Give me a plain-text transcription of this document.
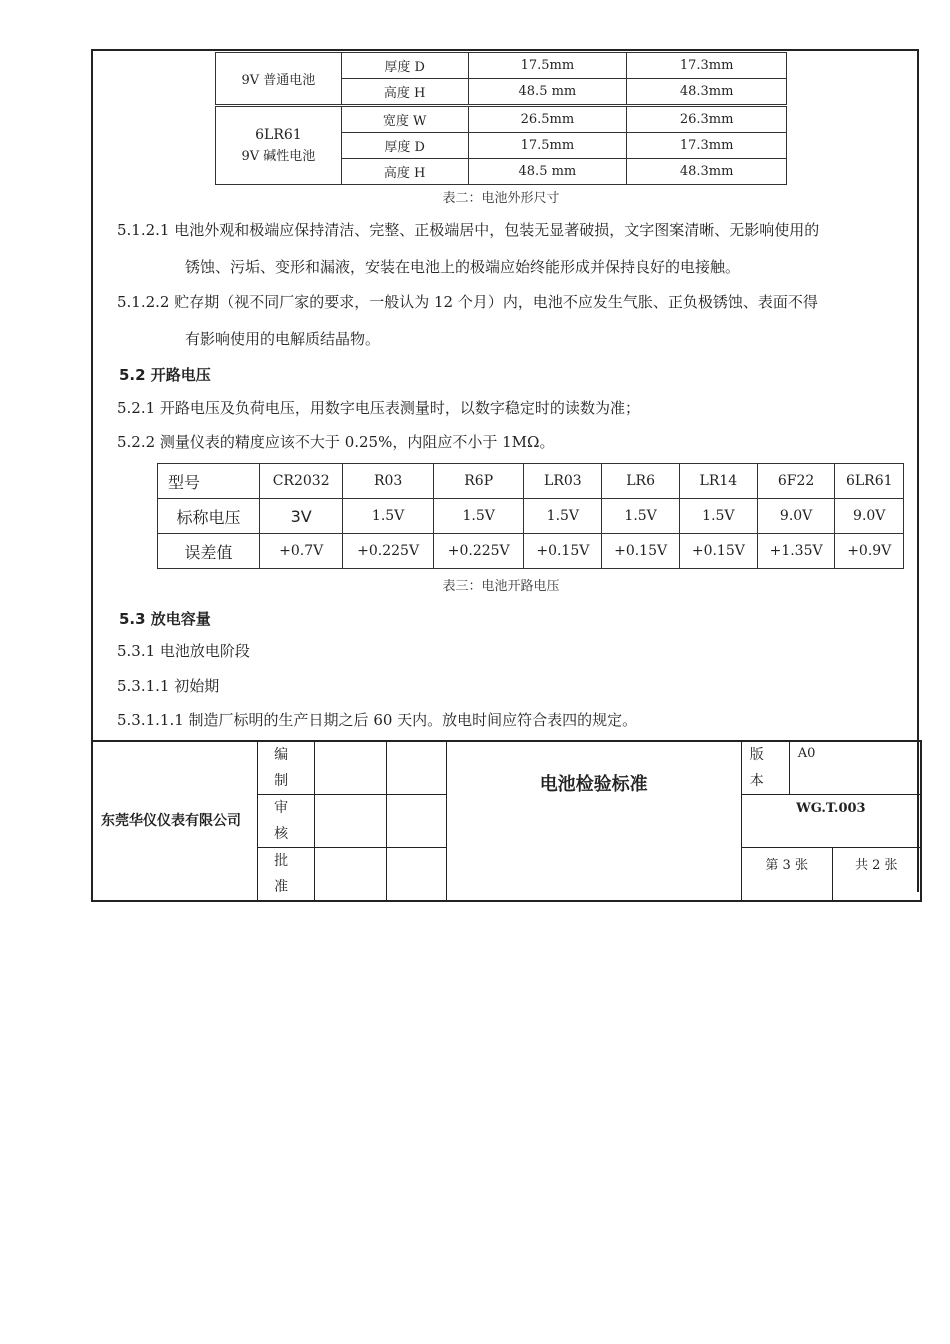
9V 普通电池	厚度 D	17.5mm	17.3mm
	高度 H	48.5 mm	48.3mm

6LR61
9V 碱性电池	宽度 W	26.5mm	26.3mm
	厚度 D	17.5mm	17.3mm
	高度 H	48.5 mm	48.3mm
表二：电池外形尺寸
5.1.2.1 电池外观和极端应保持清洁、完整、正极端居中，包装无显著破损，文字图案清晰、无影响使用的
锈蚀、污垢、变形和漏液，安装在电池上的极端应始终能形成并保持良好的电接触。
5.1.2.2 贮存期（视不同厂家的要求，一般认为 12 个月）内，电池不应发生气胀、正负极锈蚀、表面不得
有影响使用的电解质结晶物。
5.2 开路电压
5.2.1 开路电压及负荷电压，用数字电压表测量时，以数字稳定时的读数为准；
5.2.2 测量仪表的精度应该不大于 0.25%，内阻应不小于 1MΩ。
型号	CR2032	R03	R6P	LR03	LR6	LR14	6F22	6LR61
标称电压	3V	1.5V	1.5V	1.5V	1.5V	1.5V	9.0V	9.0V
误差值	+0.7V	+0.225V	+0.225V	+0.15V	+0.15V	+0.15V	+1.35V	+0.9V
表三：电池开路电压
5.3 放电容量
5.3.1 电池放电阶段
5.3.1.1 初始期
5.3.1.1.1 制造厂标明的生产日期之后 60 天内。放电时间应符合表四的规定。
东莞华仪仪表有限公司	编制			电池检验标准	版本	A0	

	审核				WG.T.003		

	批准				第 3 张		共 2 张
